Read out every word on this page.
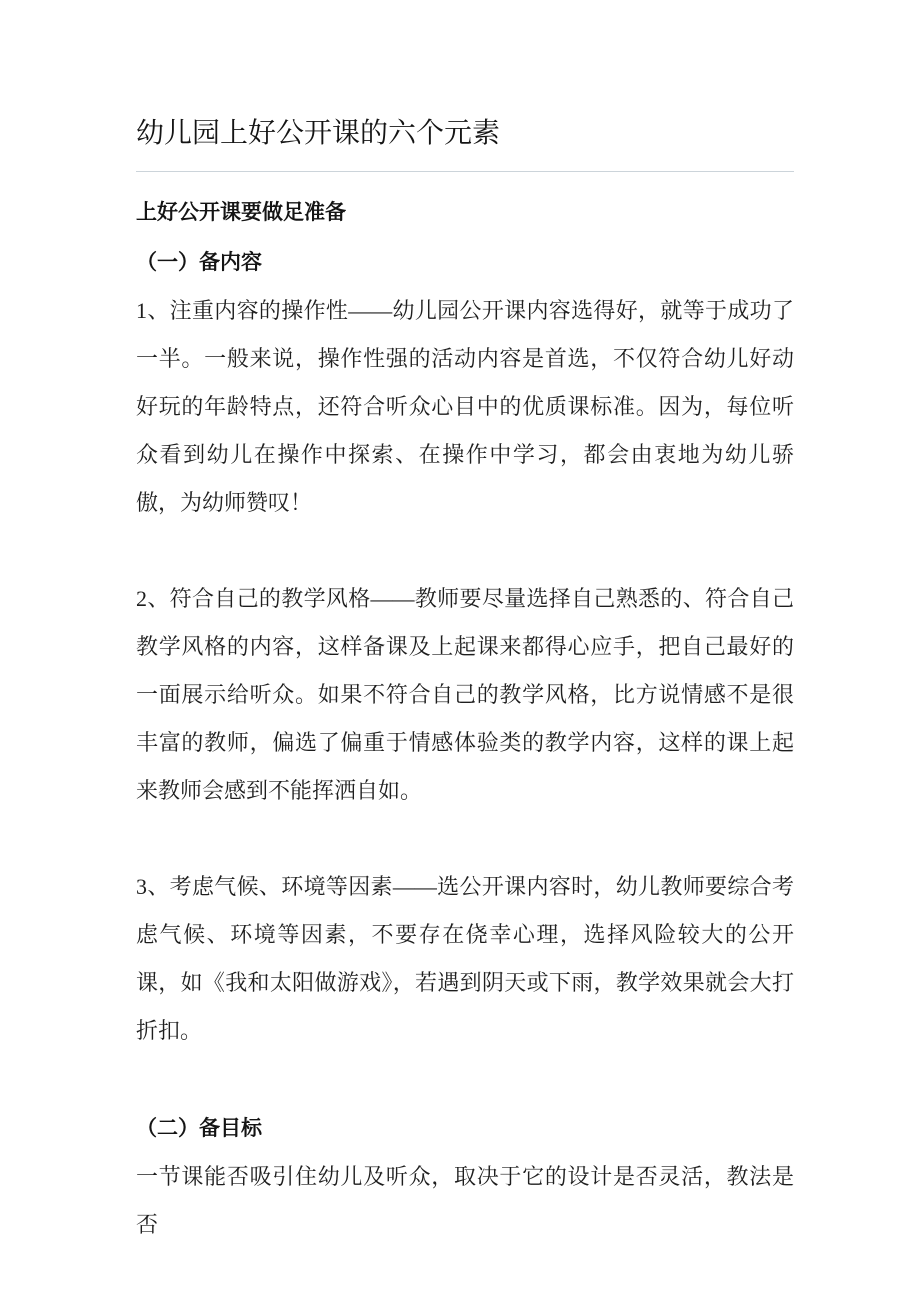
幼儿园上好公开课的六个元素
上好公开课要做足准备
（一）备内容

1、注重内容的操作性——幼儿园公开课内容选得好，就等于成功了一半。一般来说，操作性强的活动内容是首选，不仅符合幼儿好动好玩的年龄特点，还符合听众心目中的优质课标准。因为，每位听众看到幼儿在操作中探索、在操作中学习，都会由衷地为幼儿骄傲，为幼师赞叹！

2、符合自己的教学风格——教师要尽量选择自己熟悉的、符合自己教学风格的内容，这样备课及上起课来都得心应手，把自己最好的一面展示给听众。如果不符合自己的教学风格，比方说情感不是很丰富的教师，偏选了偏重于情感体验类的教学内容，这样的课上起来教师会感到不能挥洒自如。

3、考虑气候、环境等因素——选公开课内容时，幼儿教师要综合考虑气候、环境等因素，不要存在侥幸心理，选择风险较大的公开课，如《我和太阳做游戏》，若遇到阴天或下雨，教学效果就会大打折扣。

（二）备目标

一节课能否吸引住幼儿及听众，取决于它的设计是否灵活，教法是否
